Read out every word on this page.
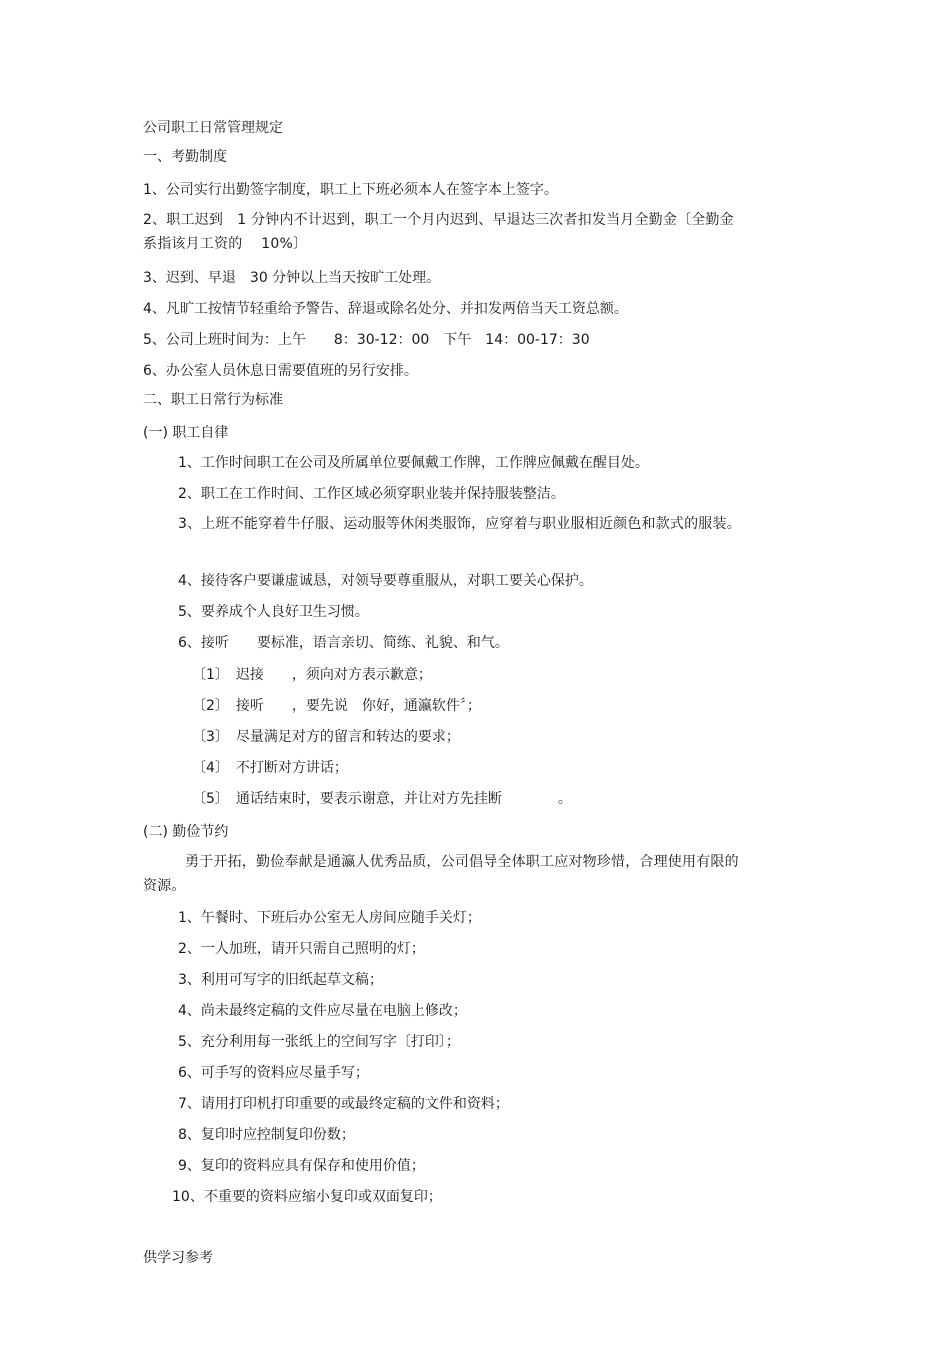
公司职工日常管理规定
一、考勤制度
1、公司实行出勤签字制度，职工上下班必须本人在签字本上签字。
2、职工迟到　1 分钟内不计迟到，职工一个月内迟到、早退达三次者扣发当月全勤金〔全勤金系指该月工资的　 10%〕
3、迟到、早退　30 分钟以上当天按旷工处理。
4、凡旷工按情节轻重给予警告、辞退或除名处分、并扣发两倍当天工资总额。
5、公司上班时间为：上午　　8：30-12：00　下午　14：00-17：30
6、办公室人员休息日需要值班的另行安排。
二、职工日常行为标准
(一) 职工自律
1、工作时间职工在公司及所属单位要佩戴工作牌，工作牌应佩戴在醒目处。
2、职工在工作时间、工作区域必须穿职业装并保持服装整洁。
3、上班不能穿着牛仔服、运动服等休闲类服饰，应穿着与职业服相近颜色和款式的服装。
4、接待客户要谦虚诚恳，对领导要尊重服从，对职工要关心保护。
5、要养成个人良好卫生习惯。
6、接听　　要标准，语言亲切、简练、礼貌、和气。
〔1〕　迟接　　，须向对方表示歉意；
〔2〕　接听　　，要先说　你好，通瀛软件〞；
〔3〕　尽量满足对方的留言和转达的要求；
〔4〕　不打断对方讲话；
〔5〕　通话结束时，要表示谢意，并让对方先挂断　　　　。
(二) 勤俭节约
勇于开拓，勤俭奉献是通瀛人优秀品质，公司倡导全体职工应对物珍惜，合理使用有限的资源。
1、午餐时、下班后办公室无人房间应随手关灯；
2、一人加班，请开只需自己照明的灯；
3、利用可写字的旧纸起草文稿；
4、尚未最终定稿的文件应尽量在电脑上修改；
5、充分利用每一张纸上的空间写字〔打印〕；
6、可手写的资料应尽量手写；
7、请用打印机打印重要的或最终定稿的文件和资料；
8、复印时应控制复印份数；
9、复印的资料应具有保存和使用价值；
10、不重要的资料应缩小复印或双面复印；
供学习参考
